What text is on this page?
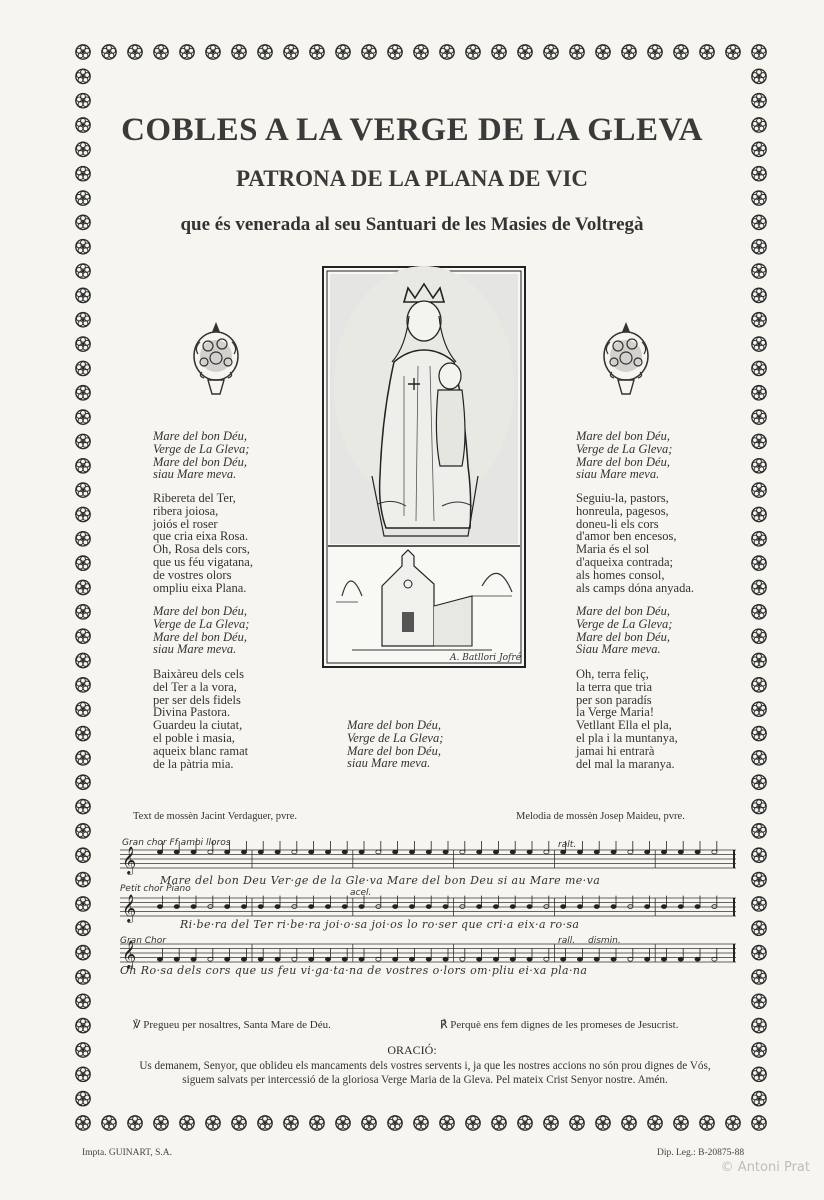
COBLES A LA VERGE DE LA GLEVA
PATRONA DE LA PLANA DE VIC
que és venerada al seu Santuari de les Masies de Voltregà
A. Batllori Jofré
Mare del bon Déu,
Verge de La Gleva;
Mare del bon Déu,
siau Mare meva.
Ribereta del Ter,
ribera joiosa,
joiós el roser
que cria eixa Rosa.
Oh, Rosa dels cors,
que us féu vigatana,
de vostres olors
ompliu eixa Plana.
Mare del bon Déu,
Verge de La Gleva;
Mare del bon Déu,
siau Mare meva.
Baixàreu dels cels
del Ter a la vora,
per ser dels fidels
Divina Pastora.
Guardeu la ciutat,
el poble i masia,
aqueix blanc ramat
de la pàtria mia.
Mare del bon Déu,
Verge de La Gleva;
Mare del bon Déu,
siau Mare meva.
Mare del bon Déu,
Verge de La Gleva;
Mare del bon Déu,
siau Mare meva.
Seguiu-la, pastors,
honreula, pagesos,
doneu-li els cors
d'amor ben encesos,
Maria és el sol
d'aqueixa contrada;
als homes consol,
als camps dóna anyada.
Mare del bon Déu,
Verge de La Gleva;
Mare del bon Déu,
Siau Mare meva.
Oh, terra feliç,
la terra que tria
per son paradís
la Verge Maria!
Vetllant Ella el pla,
el pla i la muntanya,
jamai hi entrarà
del mal la maranya.
Text de mossèn Jacint Verdaguer, pvre.	Melodia de mossèn Josep Maideu, pvre.
𝄞
𝄞
𝄞
Gran chor Ff ambi lloros
Mare del bon Deu Ver·ge de la Gle·va Mare del bon Deu si au Mare me·va
ralt.
Petit chor Piano
Ri·be·ra del Ter ri·be·ra joi·o·sa joi·os lo ro·ser que cri·a eix·a ro·sa
acel.
Gran Chor
Oh Ro·sa dels cors que us feu vi·ga·ta·na de vostres o·lors om·pliu ei·xa pla·na
rall. dismin.
℣ Pregueu per nosaltres, Santa Mare de Déu.	℟ Perquè ens fem dignes de les promeses de Jesucrist.
ORACIÓ:
Us demanem, Senyor, que oblideu els mancaments dels vostres servents i, ja que les nostres accions no són prou dignes de Vós, siguem salvats per intercessió de la gloriosa Verge Maria de la Gleva. Pel mateix Crist Senyor nostre. Amén.
Impta. GUINART, S.A.	Dip. Leg.: B-20875-88
© Antoni Prat
